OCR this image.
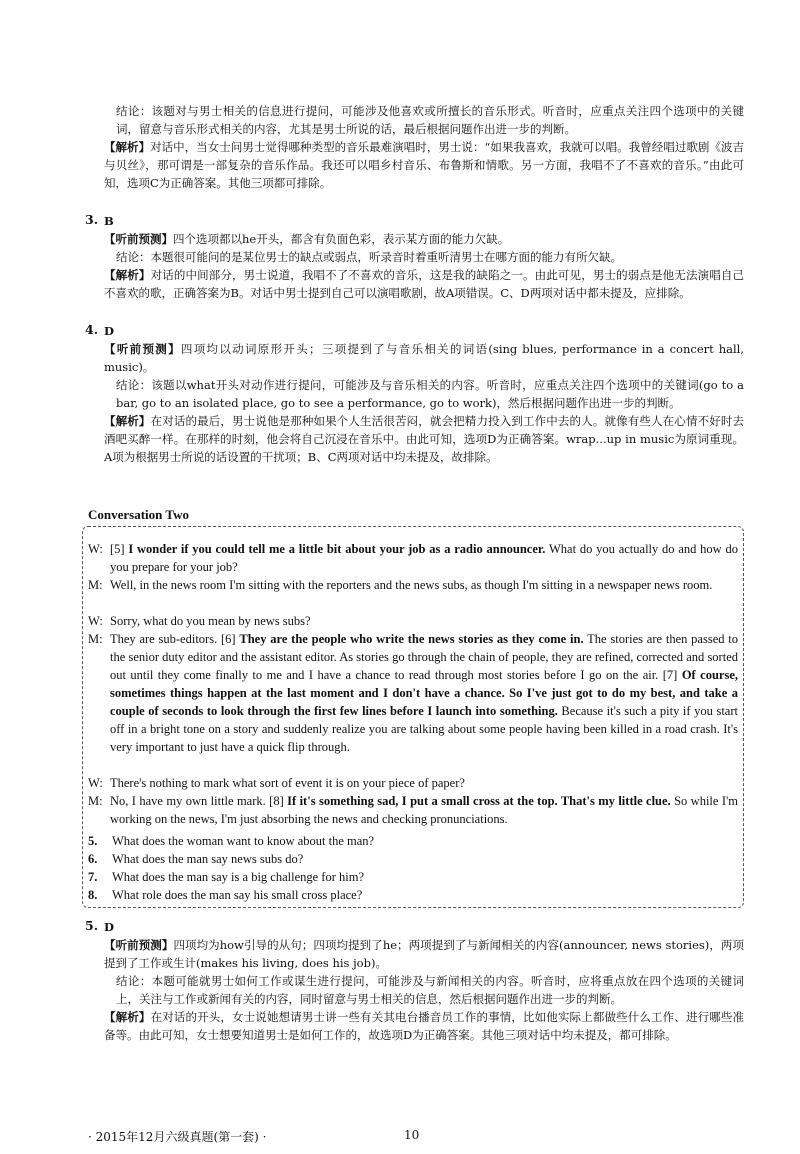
结论：该题对与男士相关的信息进行提问，可能涉及他喜欢或所擅长的音乐形式。听音时，应重点关注四个选项中的关键词，留意与音乐形式相关的内容，尤其是男士所说的话，最后根据问题作出进一步的判断。

【解析】对话中，当女士问男士觉得哪种类型的音乐最难演唱时，男士说：“如果我喜欢，我就可以唱。我曾经唱过歌剧《波吉与贝丝》，那可谓是一部复杂的音乐作品。我还可以唱乡村音乐、布鲁斯和情歌。另一方面，我唱不了不喜欢的音乐。”由此可知，选项C为正确答案。其他三项都可排除。

3. B

【听前预测】四个选项都以he开头，都含有负面色彩，表示某方面的能力欠缺。

结论：本题很可能问的是某位男士的缺点或弱点，听录音时着重听清男士在哪方面的能力有所欠缺。

【解析】对话的中间部分，男士说道，我唱不了不喜欢的音乐，这是我的缺陷之一。由此可见，男士的弱点是他无法演唱自己不喜欢的歌，正确答案为B。对话中男士提到自己可以演唱歌剧，故A项错误。C、D两项对话中都未提及，应排除。

4. D

【听前预测】四项均以动词原形开头；三项提到了与音乐相关的词语(sing blues, performance in a concert hall, music)。

结论：该题以what开头对动作进行提问，可能涉及与音乐相关的内容。听音时，应重点关注四个选项中的关键词(go to a bar, go to an isolated place, go to see a performance, go to work)，然后根据问题作出进一步的判断。

【解析】在对话的最后，男士说他是那种如果个人生活很苦闷，就会把精力投入到工作中去的人。就像有些人在心情不好时去酒吧买醉一样。在那样的时刻，他会将自己沉浸在音乐中。由此可知，选项D为正确答案。wrap...up in music为原词重现。A项为根据男士所说的话设置的干扰项；B、C两项对话中均未提及，故排除。

Conversation Two
W: [5] I wonder if you could tell me a little bit about your job as a radio announcer. What do you actually do and how do you prepare for your job?
M: Well, in the news room I'm sitting with the reporters and the news subs, as though I'm sitting in a newspaper news room.
W: Sorry, what do you mean by news subs?
M: They are sub-editors. [6] They are the people who write the news stories as they come in. The stories are then passed to the senior duty editor and the assistant editor. As stories go through the chain of people, they are refined, corrected and sorted out until they come finally to me and I have a chance to read through most stories before I go on the air. [7] Of course, sometimes things happen at the last moment and I don't have a chance. So I've just got to do my best, and take a couple of seconds to look through the first few lines before I launch into something. Because it's such a pity if you start off in a bright tone on a story and suddenly realize you are talking about some people having been killed in a road crash. It's very important to just have a quick flip through.
W: There's nothing to mark what sort of event it is on your piece of paper?
M: No, I have my own little mark. [8] If it's something sad, I put a small cross at the top. That's my little clue. So while I'm working on the news, I'm just absorbing the news and checking pronunciations.
5. What does the woman want to know about the man?
6. What does the man say news subs do?
7. What does the man say is a big challenge for him?
8. What role does the man say his small cross place?
5. D

【听前预测】四项均为how引导的从句；四项均提到了he；两项提到了与新闻相关的内容(announcer, news stories)，两项提到了工作或生计(makes his living, does his job)。

结论：本题可能就男士如何工作或谋生进行提问，可能涉及与新闻相关的内容。听音时，应将重点放在四个选项的关键词上，关注与工作或新闻有关的内容，同时留意与男士相关的信息，然后根据问题作出进一步的判断。

【解析】在对话的开头，女士说她想请男士讲一些有关其电台播音员工作的事情，比如他实际上都做些什么工作、进行哪些准备等。由此可知，女士想要知道男士是如何工作的，故选项D为正确答案。其他三项对话中均未提及，都可排除。

· 2015年12月六级真题(第一套) ·	10
